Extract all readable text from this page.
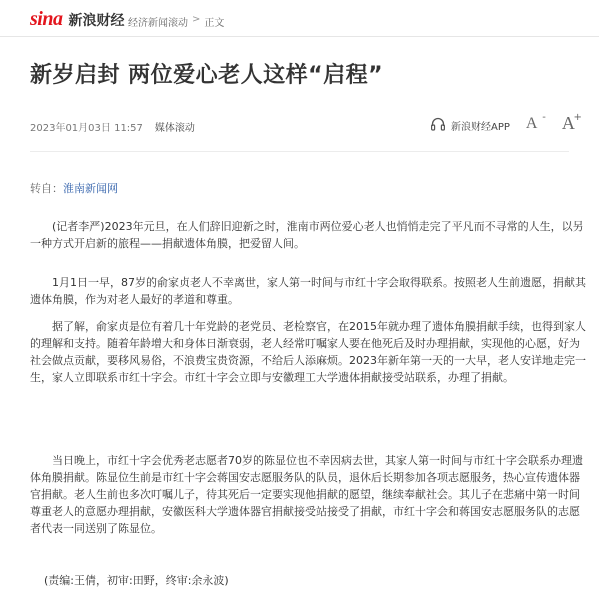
sina 新浪财经 经济新闻滚动 > 正文
新岁启封 两位爱心老人这样“启程”
2023年01月03日 11:57 媒体滚动	新浪财经APP A - A
+
转自：淮南新闻网

　　(记者李严)2023年元旦，在人们辞旧迎新之时，淮南市两位爱心老人也悄悄走完了平凡而不寻常的人生，以另一种方式开启新的旅程——捐献遗体角膜，把爱留人间。

　　1月1日一早，87岁的俞家贞老人不幸离世，家人第一时间与市红十字会取得联系。按照老人生前遗愿，捐献其遗体角膜，作为对老人最好的孝道和尊重。

　　据了解，俞家贞是位有着几十年党龄的老党员、老检察官，在2015年就办理了遗体角膜捐献手续，也得到家人的理解和支持。随着年龄增大和身体日渐衰弱，老人经常叮嘱家人要在他死后及时办理捐献，实现他的心愿，好为社会做点贡献，要移风易俗，不浪费宝贵资源，不给后人添麻烦。2023年新年第一天的一大早，老人安详地走完一生，家人立即联系市红十字会。市红十字会立即与安徽理工大学遗体捐献接受站联系，办理了捐献。

　　当日晚上，市红十字会优秀老志愿者70岁的陈显位也不幸因病去世，其家人第一时间与市红十字会联系办理遗体角膜捐献。陈显位生前是市红十字会蒋国安志愿服务队的队员，退休后长期参加各项志愿服务，热心宣传遗体器官捐献。老人生前也多次叮嘱儿子，待其死后一定要实现他捐献的愿望，继续奉献社会。其儿子在悲痛中第一时间尊重老人的意愿办理捐献，安徽医科大学遗体器官捐献接受站接受了捐献，市红十字会和蒋国安志愿服务队的志愿者代表一同送别了陈显位。

(责编:王倩，初审:田野，终审:余永波)
